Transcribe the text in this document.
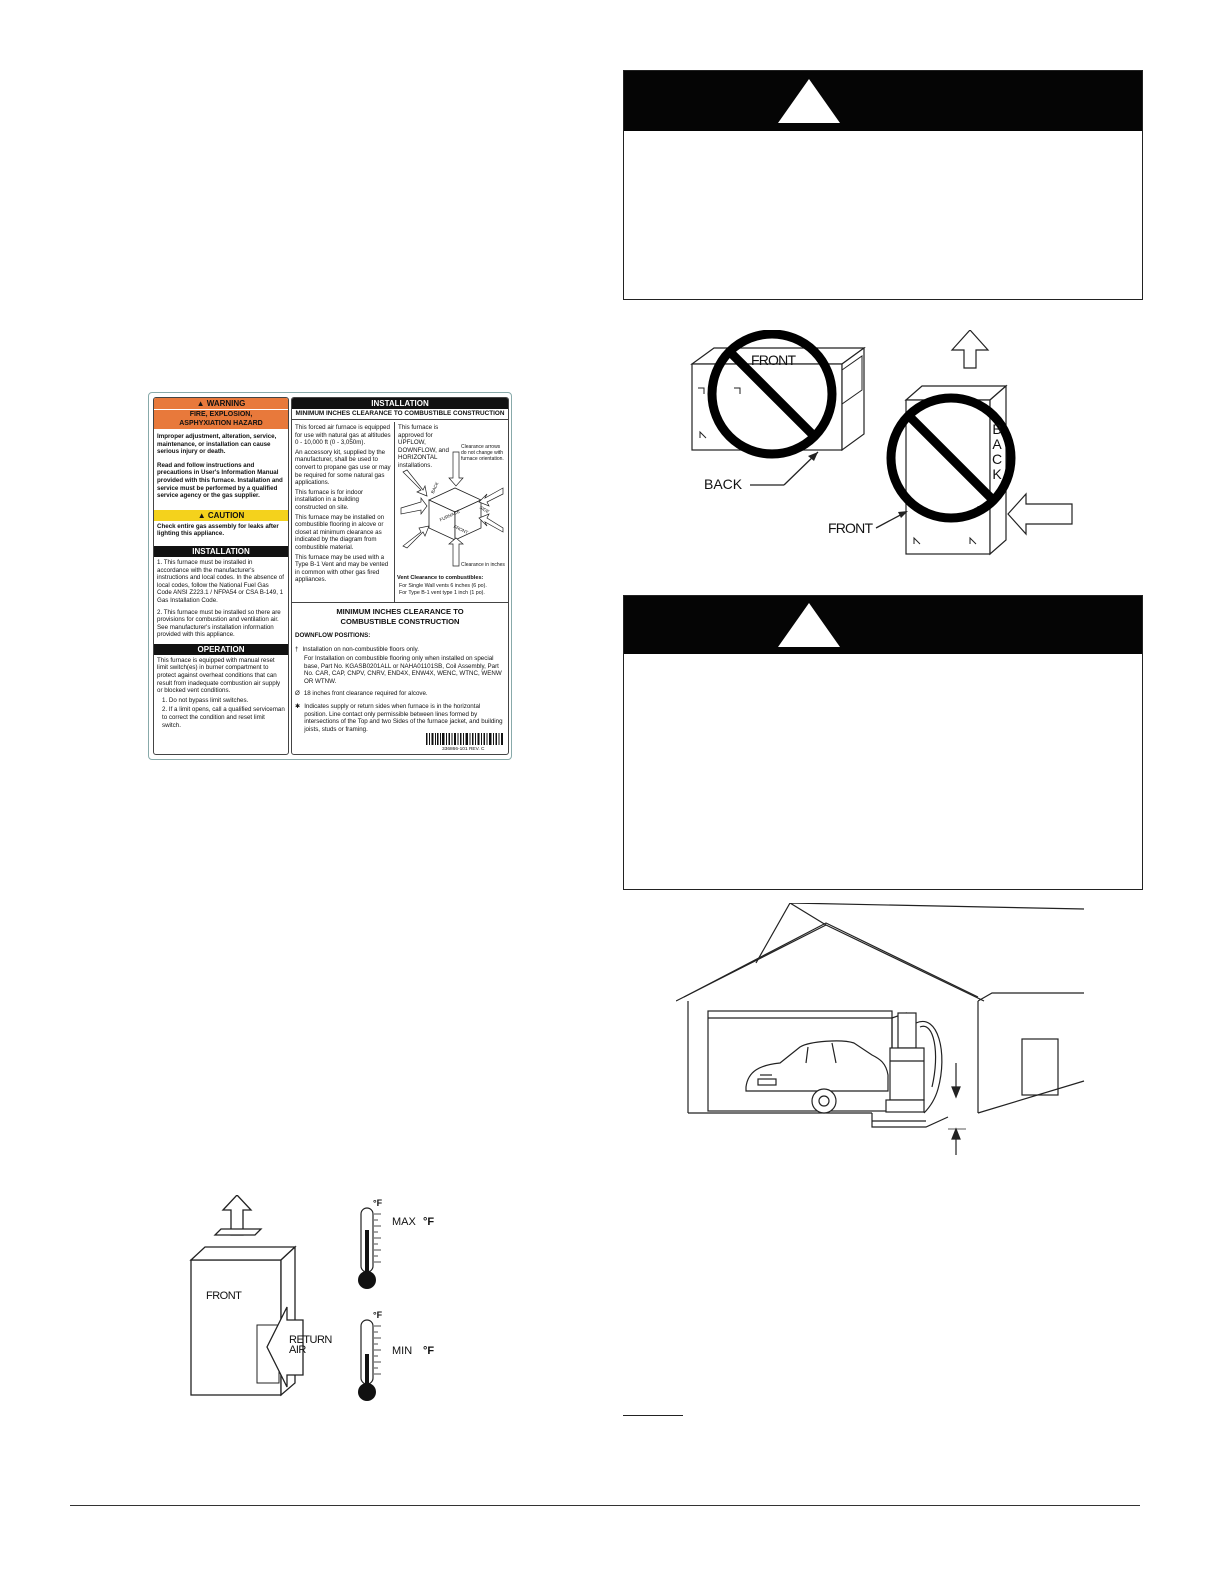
▲ WARNING
FIRE, EXPLOSION,
ASPHYXIATION HAZARD
Improper adjustment, alteration, service, maintenance, or installation can cause serious injury or death.
Read and follow instructions and precautions in User's Information Manual provided with this furnace. Installation and service must be performed by a qualified service agency or the gas supplier.
▲ CAUTION
Check entire gas assembly for leaks after lighting this appliance.
INSTALLATION
1. This furnace must be installed in accordance with the manufacturer's instructions and local codes. In the absence of local codes, follow the National Fuel Gas Code ANSI Z223.1 / NFPA54 or CSA B-149, 1 Gas Installation Code.
2. This furnace must be installed so there are provisions for combustion and ventilation air. See manufacturer's installation information provided with this appliance.
OPERATION
This furnace is equipped with manual reset limit switch(es) in burner compartment to protect against overheat conditions that can result from inadequate combustion air supply or blocked vent conditions.
1. Do not bypass limit switches.
2. If a limit opens, call a qualified serviceman to correct the condition and reset limit switch.
INSTALLATION
MINIMUM INCHES CLEARANCE TO COMBUSTIBLE CONSTRUCTION
This forced air furnace is equipped for use with natural gas at altitudes 0 - 10,000 ft (0 - 3,050m).
An accessory kit, supplied by the manufacturer, shall be used to convert to propane gas use or may be required for some natural gas applications.
This furnace is for indoor installation in a building constructed on site.
This furnace may be installed on combustible flooring in alcove or closet at minimum clearance as indicated by the diagram from combustible material.
This furnace may be used with a Type B-1 Vent and may be vented in common with other gas fired appliances.
This furnace is approved for UPFLOW, DOWNFLOW, and HORIZONTAL installations.
Clearance arrows do not change with furnace orientation.
FURNACE
FRONT
BACK
SIDE
Clearance in inches
Vent Clearance to combustibles:
For Single Wall vents 6 inches (6 po).
For Type B-1 vent type 1 inch (1 po).
MINIMUM INCHES CLEARANCE TO
COMBUSTIBLE CONSTRUCTION
DOWNFLOW POSITIONS:
† Installation on non-combustible floors only.
For Installation on combustible flooring only when installed on special base, Part No. KGASB0201ALL or NAHA01101SB, Coil Assembly, Part No. CAR, CAP, CNPV, CNRV, END4X, ENW4X, WENC, WTNC, WENW OR WTNW.
Ø 18 inches front clearance required for alcove.
✱ Indicates supply or return sides when furnace is in the horizontal position. Line contact only permissible between lines formed by intersections of the Top and two Sides of the furnace jacket, and building joists, studs or framing.
336866-101 REV. C
FRONT
RETURN
AIR
°F
MAX °F
°F
MIN °F
FRONT
BACK
B
A
C
K
FRONT
